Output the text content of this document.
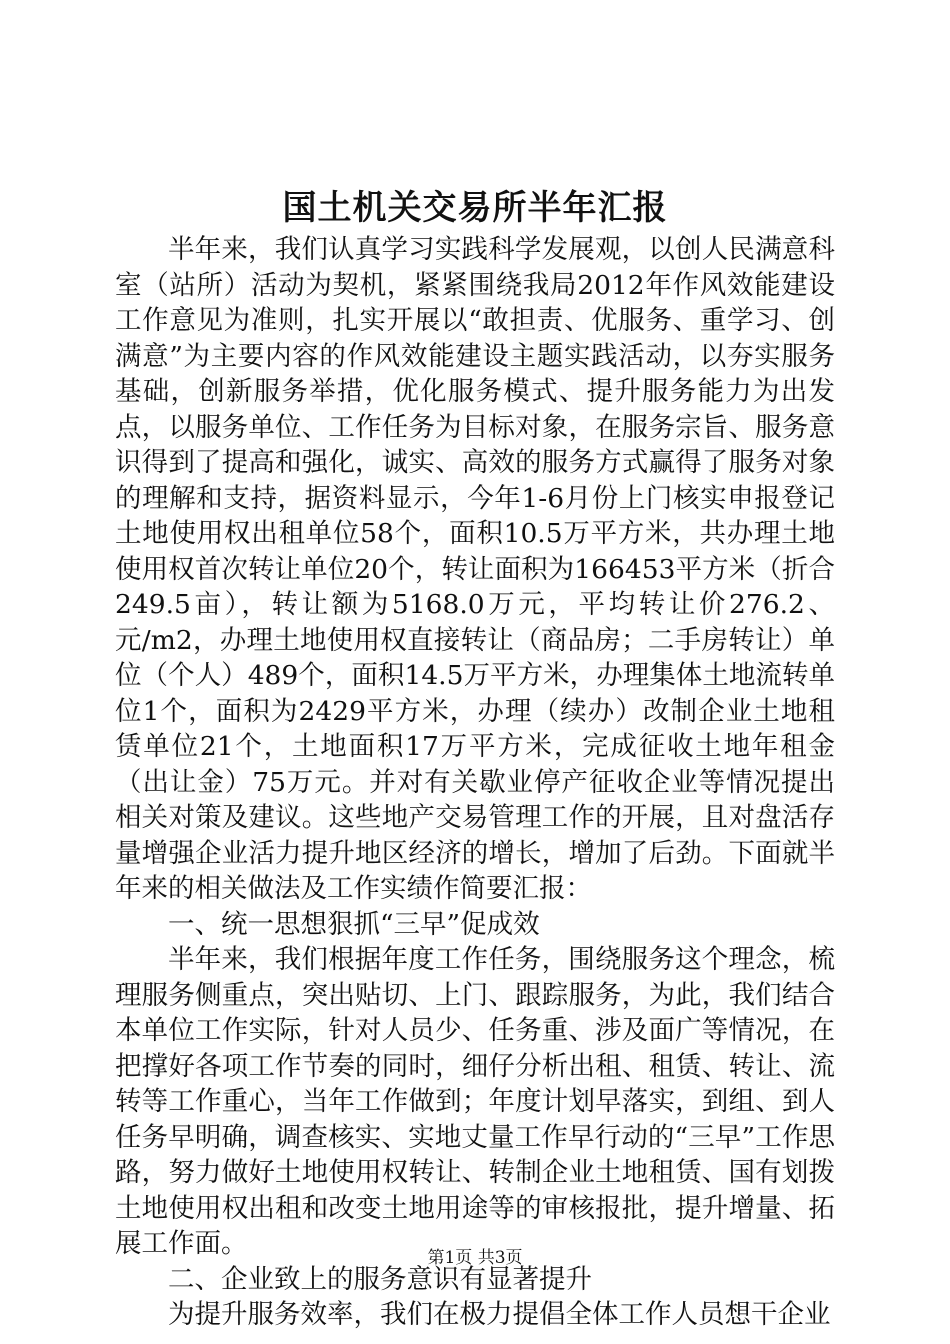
国土机关交易所半年汇报

半年来，我们认真学习实践科学发展观，以创人民满意科室（站所）活动为契机，紧紧围绕我局2012年作风效能建设工作意见为准则，扎实开展以“敢担责、优服务、重学习、创满意”为主要内容的作风效能建设主题实践活动，以夯实服务基础，创新服务举措，优化服务模式、提升服务能力为出发点，以服务单位、工作任务为目标对象，在服务宗旨、服务意识得到了提高和强化，诚实、高效的服务方式赢得了服务对象的理解和支持，据资料显示，今年1-6月份上门核实申报登记土地使用权出租单位58个，面积10.5万平方米，共办理土地使用权首次转让单位20个，转让面积为166453平方米（折合249.5亩），转让额为5168.0万元，平均转让价276.2、元/m2，办理土地使用权直接转让（商品房；二手房转让）单位（个人）489个，面积14.5万平方米，办理集体土地流转单位1个，面积为2429平方米，办理（续办）改制企业土地租赁单位21个，土地面积17万平方米，完成征收土地年租金（出让金）75万元。并对有关歇业停产征收企业等情况提出相关对策及建议。这些地产交易管理工作的开展，且对盘活存量增强企业活力提升地区经济的增长，增加了后劲。下面就半年来的相关做法及工作实绩作简要汇报：

一、统一思想狠抓“三早”促成效

半年来，我们根据年度工作任务，围绕服务这个理念，梳理服务侧重点，突出贴切、上门、跟踪服务，为此，我们结合本单位工作实际，针对人员少、任务重、涉及面广等情况，在把撑好各项工作节奏的同时，细仔分析出租、租赁、转让、流转等工作重心，当年工作做到；年度计划早落实，到组、到人任务早明确，调查核实、实地丈量工作早行动的“三早”工作思路，努力做好土地使用权转让、转制企业土地租赁、国有划拨土地使用权出租和改变土地用途等的审核报批，提升增量、拓展工作面。

二、企业致上的服务意识有显著提升

为提升服务效率，我们在极力提倡全体工作人员想干企业

第1页 共3页
